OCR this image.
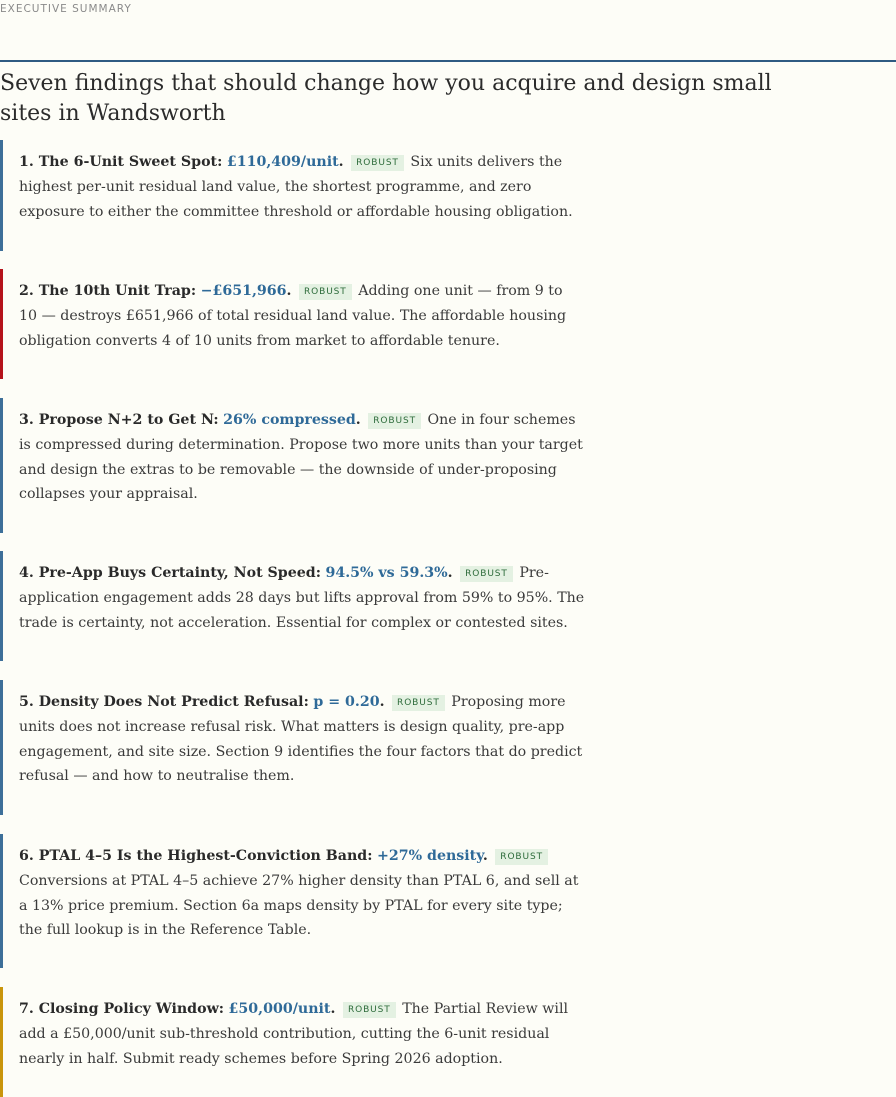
EXECUTIVE SUMMARY
Seven findings that should change how you acquire and design small sites in Wandsworth

1. The 6-Unit Sweet Spot: £110,409/unit. ROBUST Six units delivers the highest per-unit residual land value, the shortest programme, and zero exposure to either the committee threshold or affordable housing obligation.

2. The 10th Unit Trap: −£651,966. ROBUST Adding one unit — from 9 to 10 — destroys £651,966 of total residual land value. The affordable housing obligation converts 4 of 10 units from market to affordable tenure.

3. Propose N+2 to Get N: 26% compressed. ROBUST One in four schemes is compressed during determination. Propose two more units than your target and design the extras to be removable — the downside of under-proposing collapses your appraisal.

4. Pre-App Buys Certainty, Not Speed: 94.5% vs 59.3%. ROBUST Pre-application engagement adds 28 days but lifts approval from 59% to 95%. The trade is certainty, not acceleration. Essential for complex or contested sites.

5. Density Does Not Predict Refusal: p = 0.20. ROBUST Proposing more units does not increase refusal risk. What matters is design quality, pre-app engagement, and site size. Section 9 identifies the four factors that do predict refusal — and how to neutralise them.

6. PTAL 4–5 Is the Highest-Conviction Band: +27% density. ROBUST Conversions at PTAL 4–5 achieve 27% higher density than PTAL 6, and sell at a 13% price premium. Section 6a maps density by PTAL for every site type; the full lookup is in the Reference Table.

7. Closing Policy Window: £50,000/unit. ROBUST The Partial Review will add a £50,000/unit sub-threshold contribution, cutting the 6-unit residual nearly in half. Submit ready schemes before Spring 2026 adoption.
